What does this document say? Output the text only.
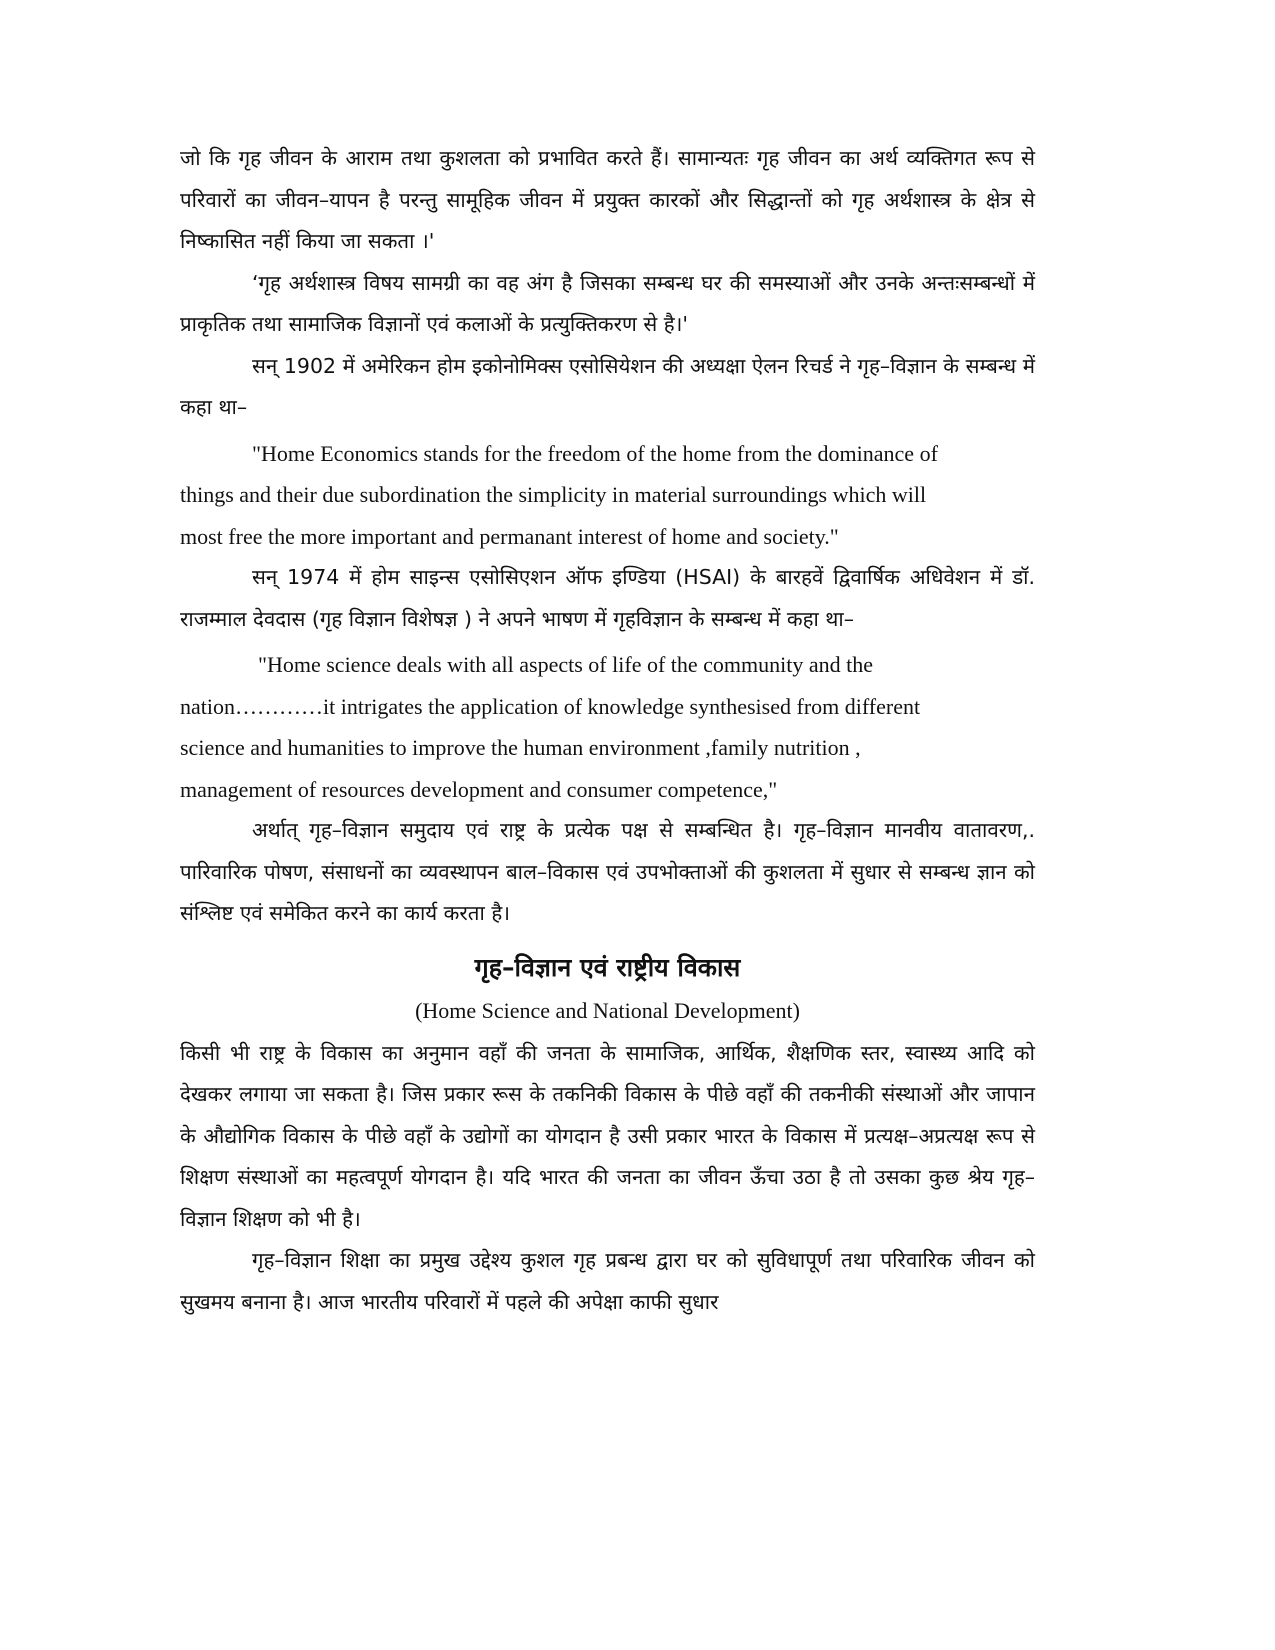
जो कि गृह जीवन के आराम तथा कुशलता को प्रभावित करते हैं। सामान्यतः गृह जीवन का अर्थ व्यक्तिगत रूप से परिवारों का जीवन–यापन है परन्तु सामूहिक जीवन में प्रयुक्त कारकों और सिद्धान्तों को गृह अर्थशास्त्र के क्षेत्र से निष्कासित नहीं किया जा सकता ।'

‘गृह अर्थशास्त्र विषय सामग्री का वह अंग है जिसका सम्बन्ध घर की समस्याओं और उनके अन्तःसम्बन्धों में प्राकृतिक तथा सामाजिक विज्ञानों एवं कलाओं के प्रत्युक्तिकरण से है।'

सन् 1902 में अमेरिकन होम इकोनोमिक्स एसोसियेशन की अध्यक्षा ऐलन रिचर्ड ने गृह–विज्ञान के सम्बन्ध में कहा था–

"Home Economics stands for the freedom of the home from the dominance of

things and their due subordination the simplicity in material surroundings which will

most free the more important and permanant interest of home and society."

सन् 1974 में होम साइन्स एसोसिएशन ऑफ इण्डिया (HSAI) के बारहवें द्विवार्षिक अधिवेशन में डॉ. राजम्माल देवदास (गृह विज्ञान विशेषज्ञ ) ने अपने भाषण में गृहविज्ञान के सम्बन्ध में कहा था–

"Home science deals with all aspects of life of the community and the

nation…………it intrigates the application of knowledge synthesised from different

science and humanities to improve the human environment ,family nutrition ,

management of resources development and consumer competence,"

अर्थात् गृह–विज्ञान समुदाय एवं राष्ट्र के प्रत्येक पक्ष से सम्बन्धित है। गृह–विज्ञान मानवीय वातावरण,. पारिवारिक पोषण, संसाधनों का व्यवस्थापन बाल–विकास एवं उपभोक्ताओं की कुशलता में सुधार से सम्बन्ध ज्ञान को संश्लिष्ट एवं समेकित करने का कार्य करता है।

गृह–विज्ञान एवं राष्ट्रीय विकास

(Home Science and National Development)

किसी भी राष्ट्र के विकास का अनुमान वहाँ की जनता के सामाजिक, आर्थिक, शैक्षणिक स्तर, स्वास्थ्य आदि को देखकर लगाया जा सकता है। जिस प्रकार रूस के तकनिकी विकास के पीछे वहाँ की तकनीकी संस्थाओं और जापान के औद्योगिक विकास के पीछे वहाँ के उद्योगों का योगदान है उसी प्रकार भारत के विकास में प्रत्यक्ष–अप्रत्यक्ष रूप से शिक्षण संस्थाओं का महत्वपूर्ण योगदान है। यदि भारत की जनता का जीवन ऊँचा उठा है तो उसका कुछ श्रेय गृह–विज्ञान शिक्षण को भी है।

गृह–विज्ञान शिक्षा का प्रमुख उद्देश्य कुशल गृह प्रबन्ध द्वारा घर को सुविधापूर्ण तथा परिवारिक जीवन को सुखमय बनाना है। आज भारतीय परिवारों में पहले की अपेक्षा काफी सुधार
